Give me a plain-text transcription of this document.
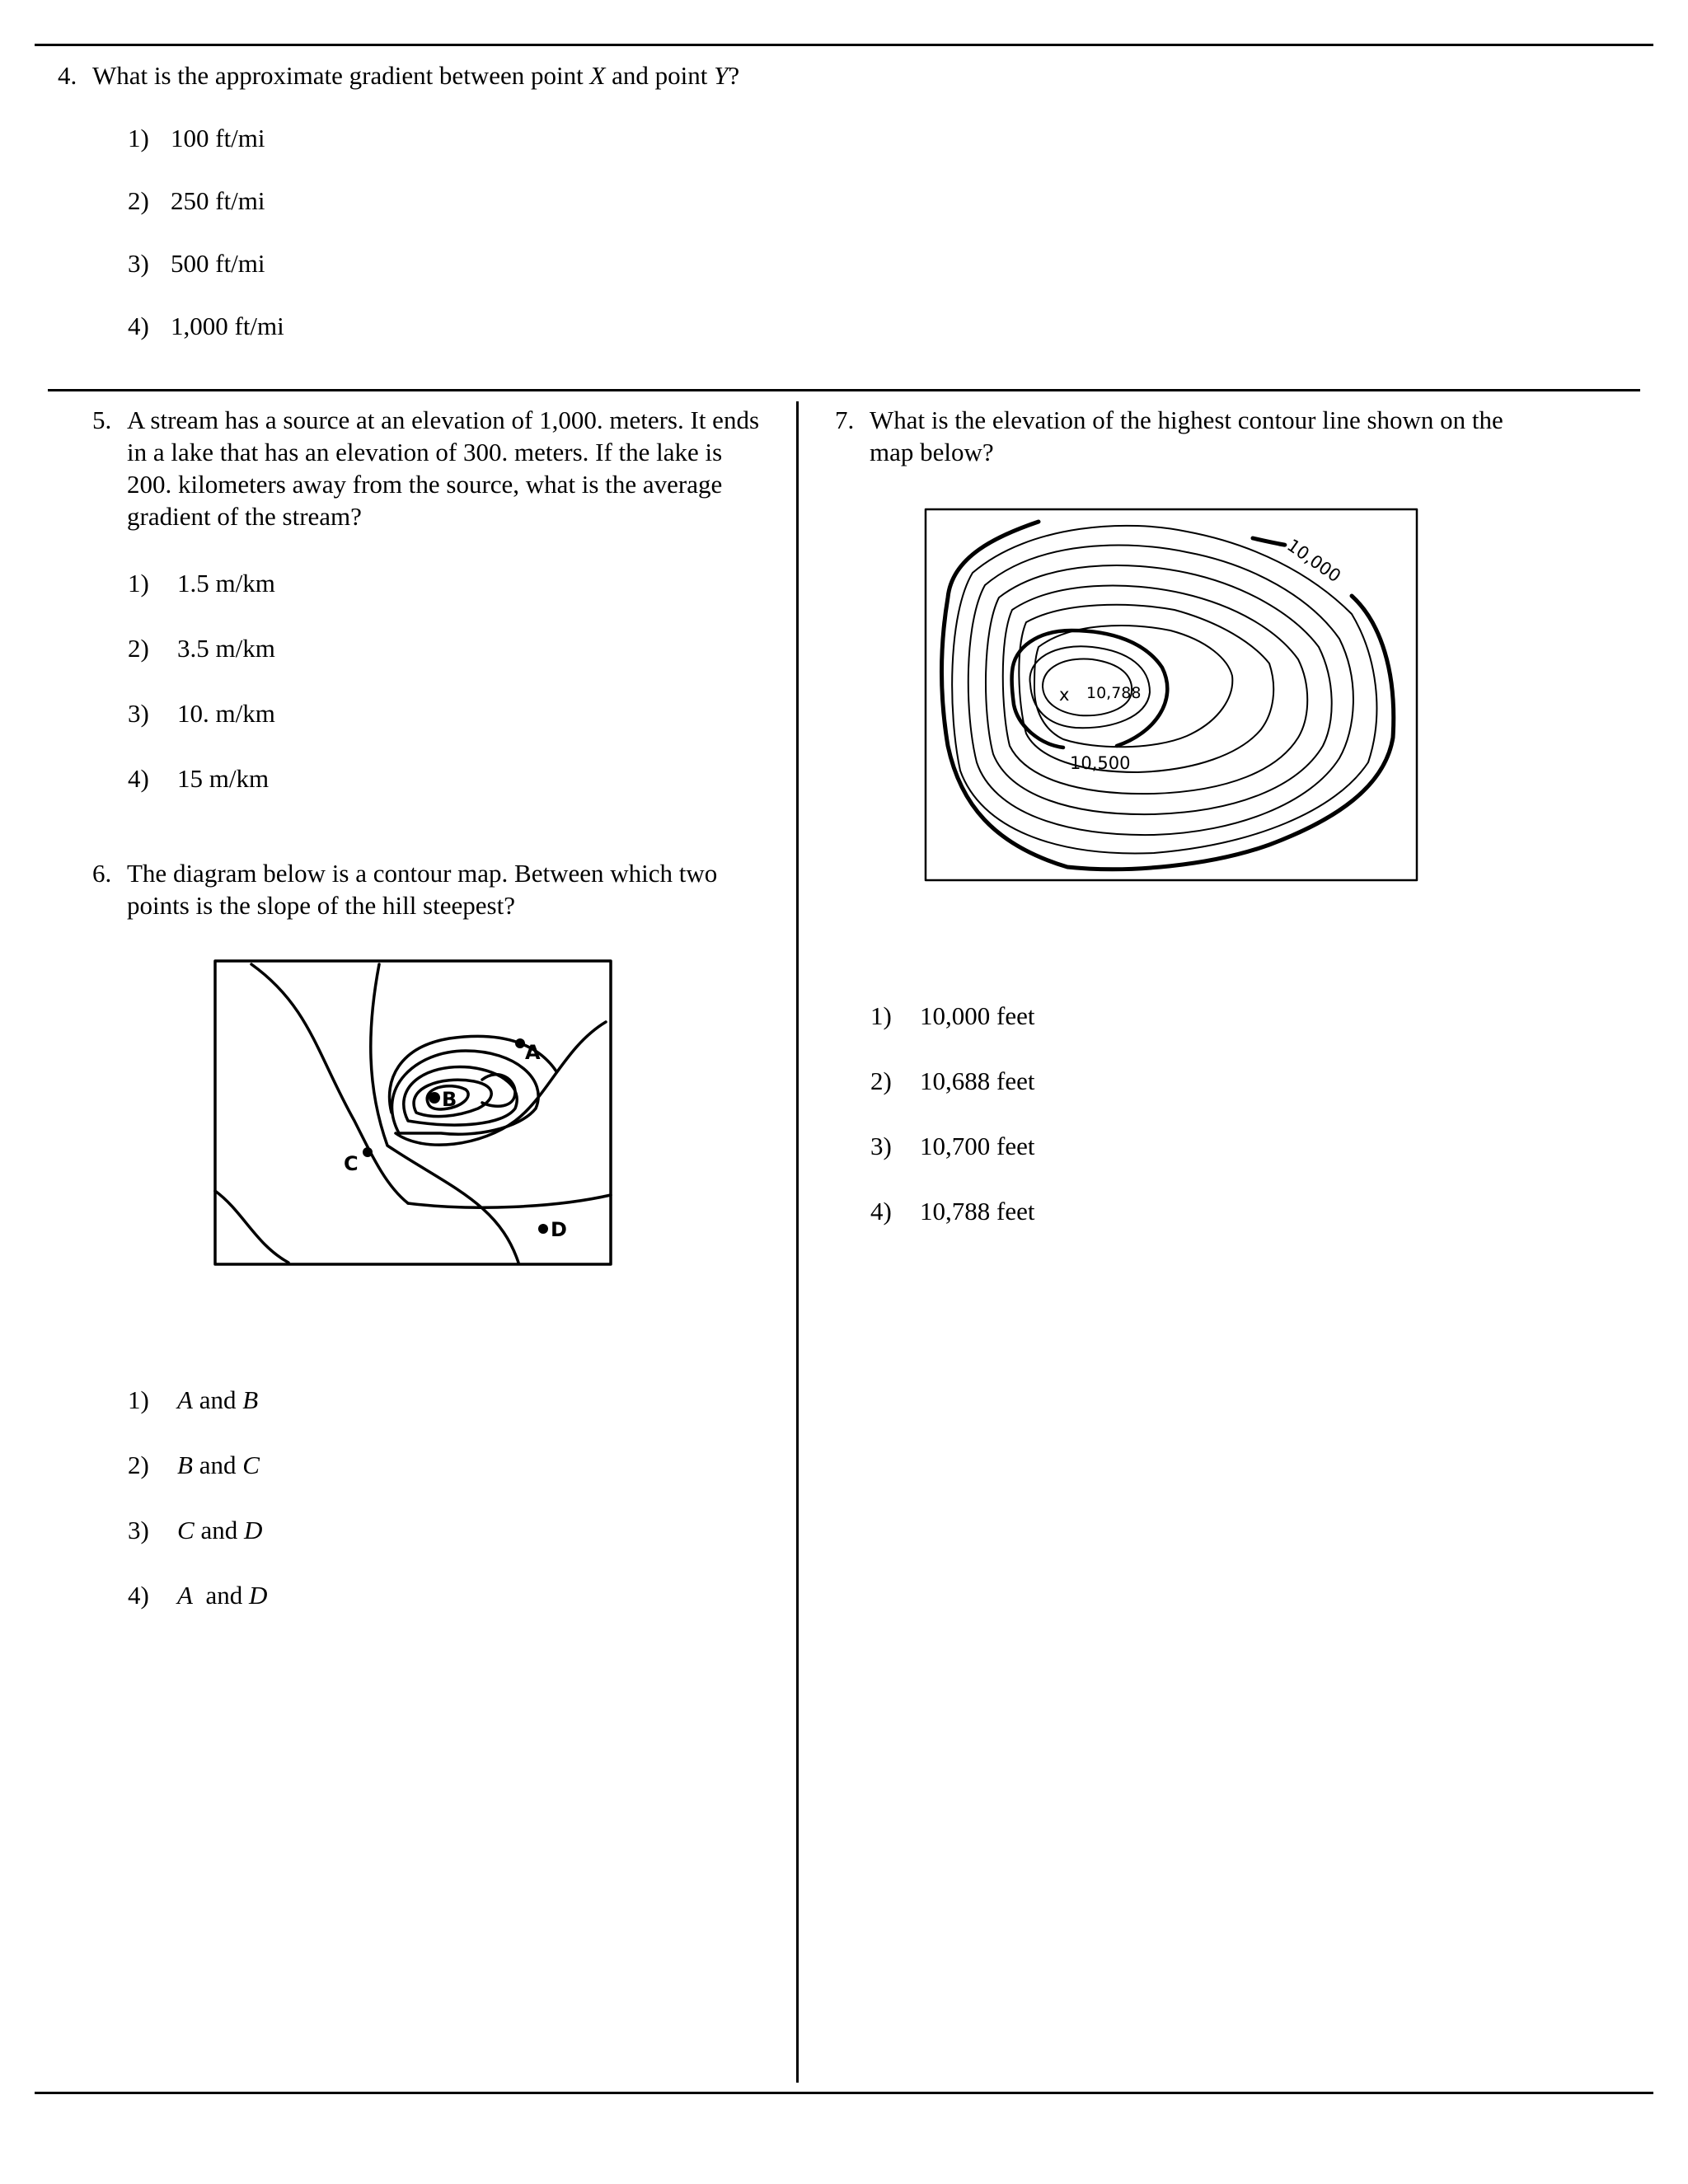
4. What is the approximate gradient between point X and point Y?
1) 100 ft/mi
2) 250 ft/mi
3) 500 ft/mi
4) 1,000 ft/mi
5. A stream has a source at an elevation of 1,000. meters. It ends in a lake that has an elevation of 300. meters. If the lake is 200. kilometers away from the source, what is the average gradient of the stream?
1) 1.5 m/km
2) 3.5 m/km
3) 10. m/km
4) 15 m/km
6. The diagram below is a contour map. Between which two points is the slope of the hill steepest?
A
B
C
D
1) A and B
2) B and C
3) C and D
4) A  and D
7. What is the elevation of the highest contour line shown on the map below?
10,000
10,500
x 10,788
1) 10,000 feet
2) 10,688 feet
3) 10,700 feet
4) 10,788 feet
